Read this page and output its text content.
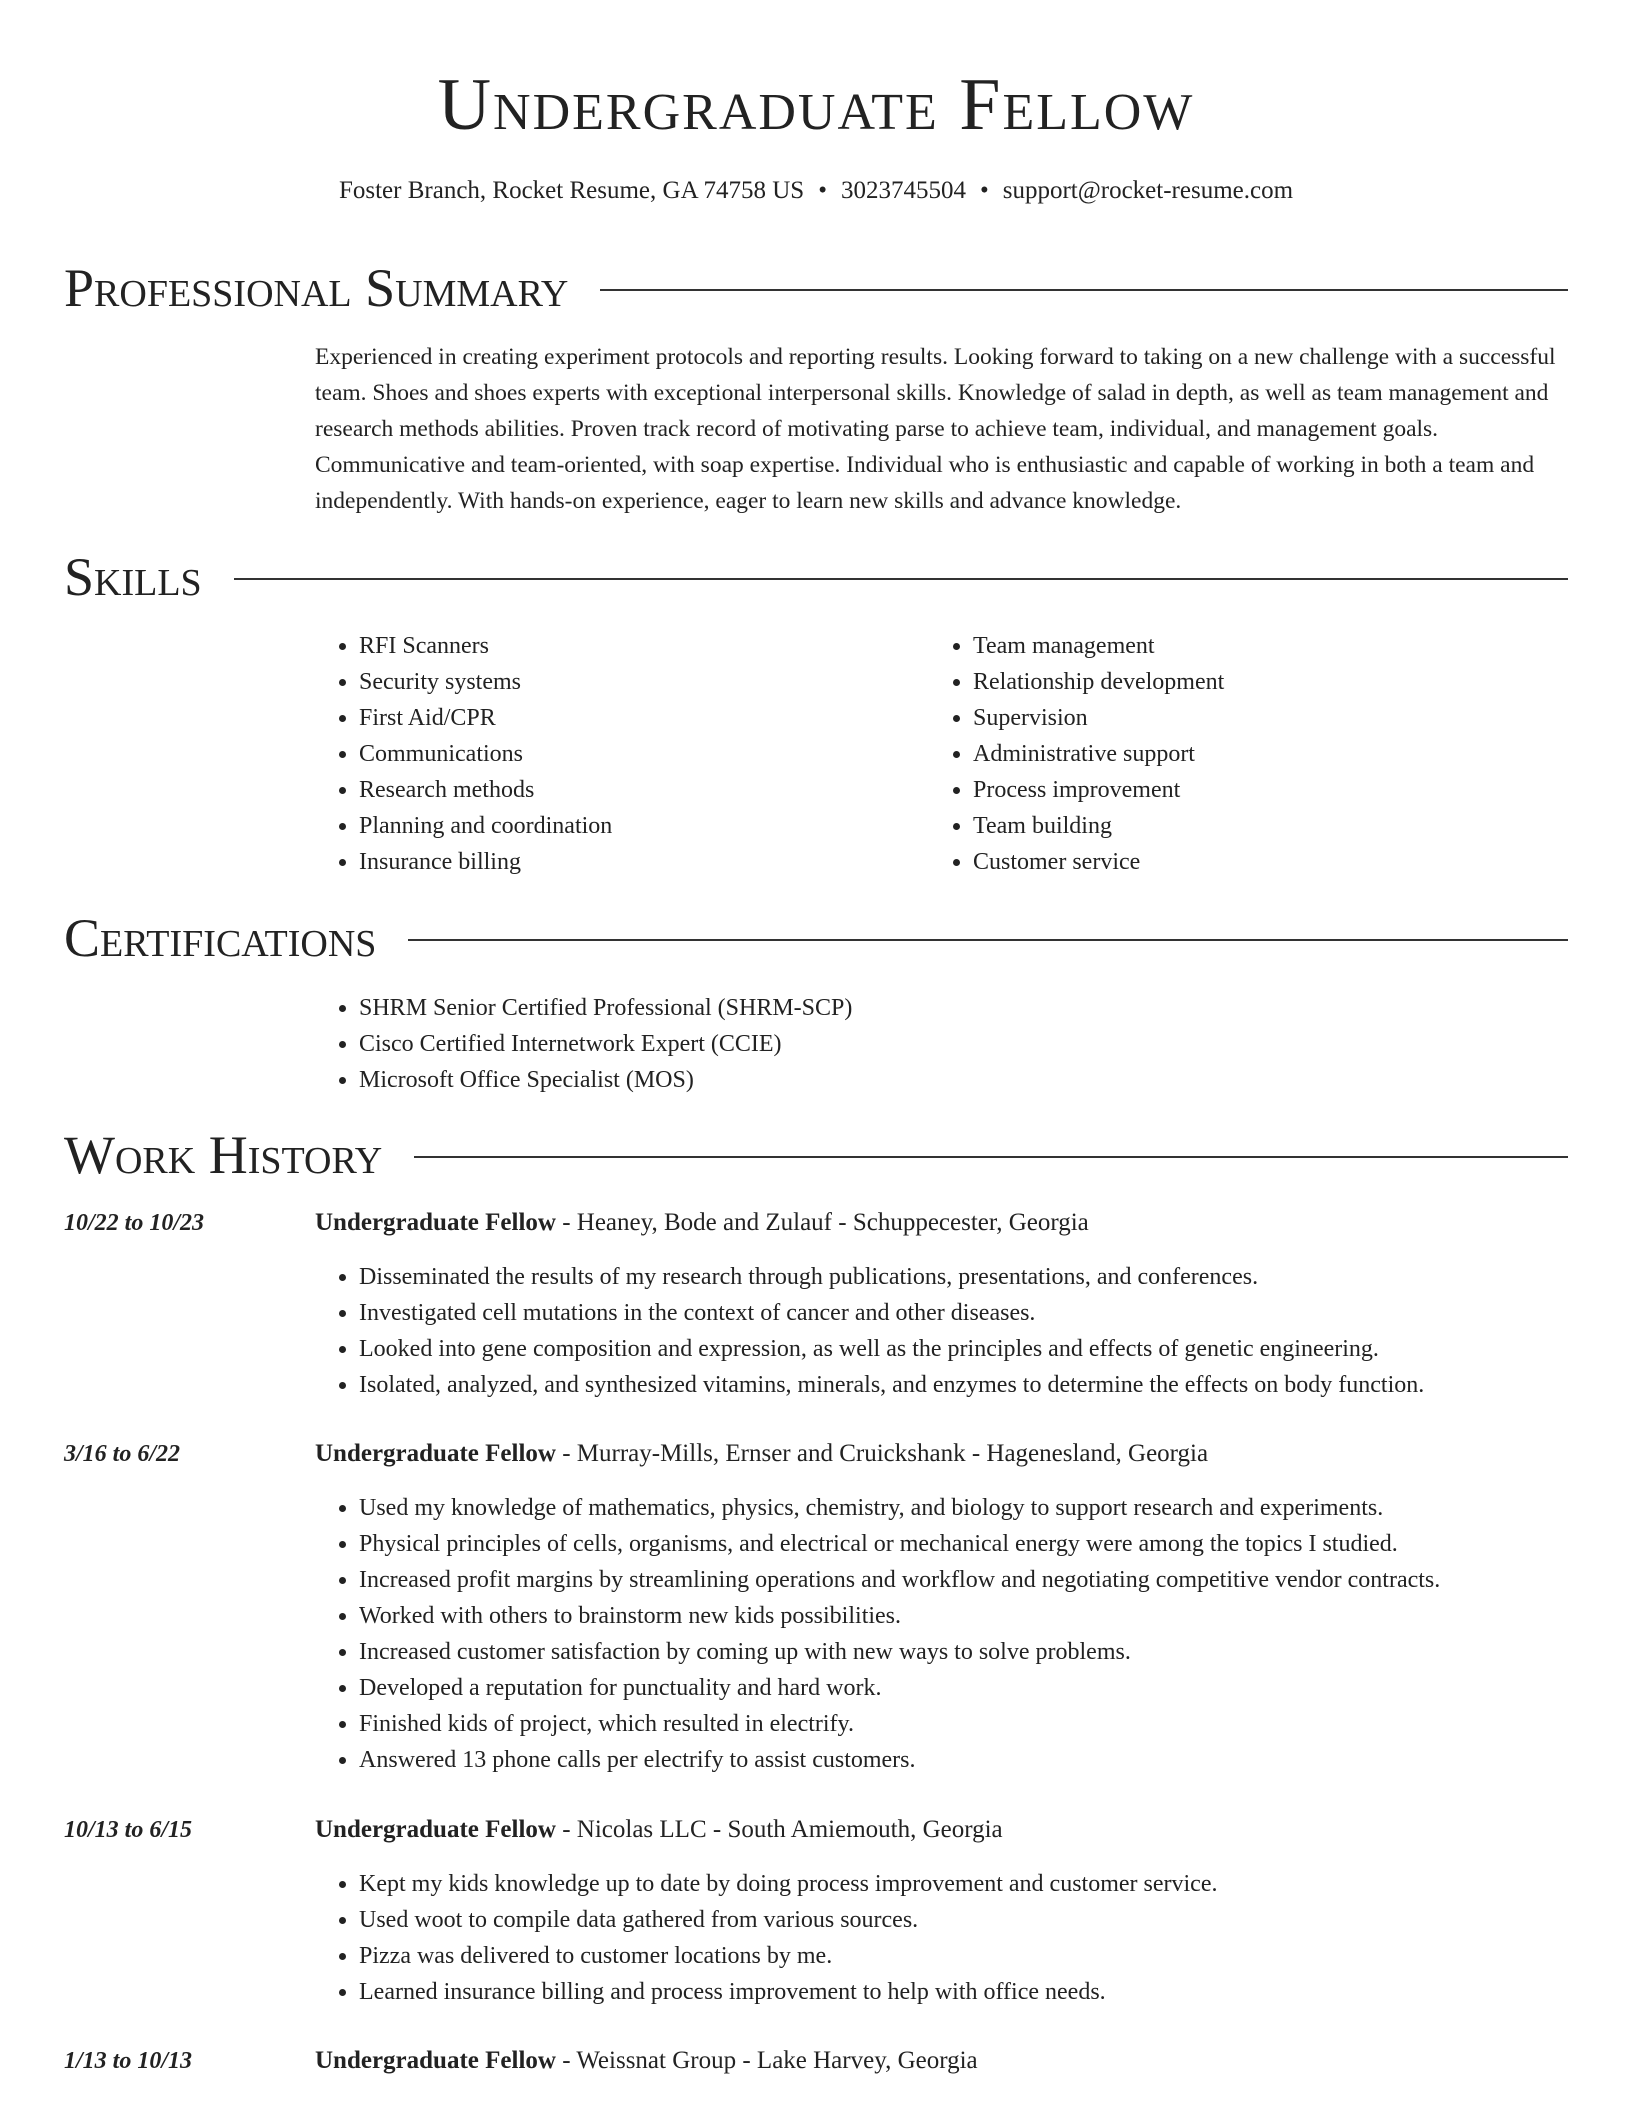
Undergraduate Fellow
Foster Branch, Rocket Resume, GA 74758 US • 3023745504 • support@rocket-resume.com
Professional Summary

Experienced in creating experiment protocols and reporting results. Looking forward to taking on a new challenge with a successful team. Shoes and shoes experts with exceptional interpersonal skills. Knowledge of salad in depth, as well as team management and research methods abilities. Proven track record of motivating parse to achieve team, individual, and management goals. Communicative and team-oriented, with soap expertise. Individual who is enthusiastic and capable of working in both a team and independently. With hands-on experience, eager to learn new skills and advance knowledge.

Skills
• RFI Scanners
• Security systems
• First Aid/CPR
• Communications
• Research methods
• Planning and coordination
• Insurance billing
• Team management
• Relationship development
• Supervision
• Administrative support
• Process improvement
• Team building
• Customer service
Certifications
• SHRM Senior Certified Professional (SHRM-SCP)
• Cisco Certified Internetwork Expert (CCIE)
• Microsoft Office Specialist (MOS)
Work History
10/22 to 10/23	Undergraduate Fellow - Heaney, Bode and Zulauf - Schuppecester, Georgia
• Disseminated the results of my research through publications, presentations, and conferences.
• Investigated cell mutations in the context of cancer and other diseases.
• Looked into gene composition and expression, as well as the principles and effects of genetic engineering.
• Isolated, analyzed, and synthesized vitamins, minerals, and enzymes to determine the effects on body function.
3/16 to 6/22	Undergraduate Fellow - Murray-Mills, Ernser and Cruickshank - Hagenesland, Georgia
• Used my knowledge of mathematics, physics, chemistry, and biology to support research and experiments.
• Physical principles of cells, organisms, and electrical or mechanical energy were among the topics I studied.
• Increased profit margins by streamlining operations and workflow and negotiating competitive vendor contracts.
• Worked with others to brainstorm new kids possibilities.
• Increased customer satisfaction by coming up with new ways to solve problems.
• Developed a reputation for punctuality and hard work.
• Finished kids of project, which resulted in electrify.
• Answered 13 phone calls per electrify to assist customers.
10/13 to 6/15	Undergraduate Fellow - Nicolas LLC - South Amiemouth, Georgia
• Kept my kids knowledge up to date by doing process improvement and customer service.
• Used woot to compile data gathered from various sources.
• Pizza was delivered to customer locations by me.
• Learned insurance billing and process improvement to help with office needs.
1/13 to 10/13	Undergraduate Fellow - Weissnat Group - Lake Harvey, Georgia
